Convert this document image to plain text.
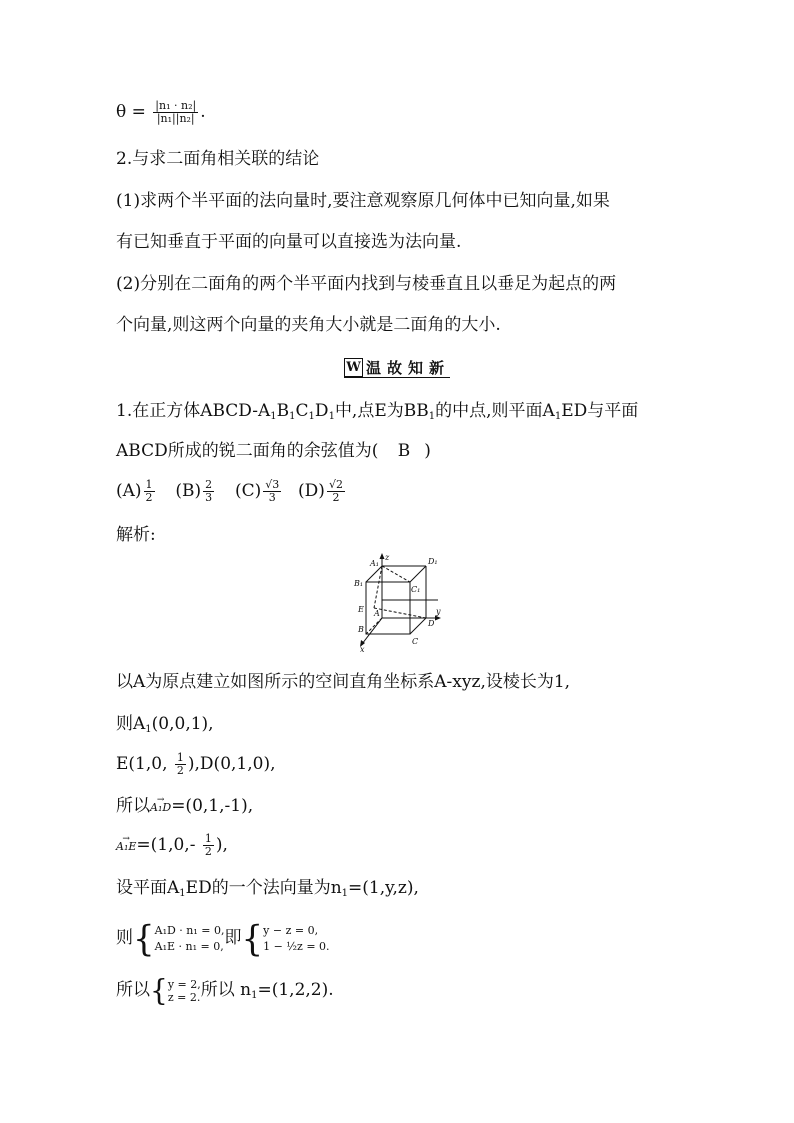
$\theta = \frac{\text{|n₁ · n₂|}}{\text{|n₁||n₂|}}$ .
2.与求二面角相关联的结论
(1)求两个半平面的法向量时,要注意观察原几何体中已知向量,如果
有已知垂直于平面的向量可以直接选为法向量.
(2)分别在二面角的两个半平面内找到与棱垂直且以垂足为起点的两
个向量,则这两个向量的夹角大小就是二面角的大小.
W 温故知新
1.在正方体ABCD-$A_1B_1C_1D_1$中,点E为$BB_1$的中点,则平面$A_1ED$与平面
ABCD所成的锐二面角的余弦值为( B )
$(A) \frac{1}{2} (B) \frac{2}{3} (C) \frac{√3}{3} (D) \frac{√2}{2}$
解析:
z
y
x
A₁	D₁
B₁
C₁
A
E
B
D
C
以A为原点建立如图所示的空间直角坐标系A-xyz,设棱长为1,
则$A_1(0,0,1)$,
E(1,0, $\frac{1}{2} ),D(0,1,0)$,
所以→ A₁D=(0,1,-1),
→ $A_1E=(1,0,- \frac{1}{2}$ ),
设平面$A_1ED$的一个法向量为$n_1=(1,y,z)$,
则{ A₁D · n₁ = 0,
A₁E · n₁ = 0, 即{ y − z = 0,
1 − ½z = 0.
所以{ y = 2,
z = 2. 所以 $n_1=(1,2,2)$.
